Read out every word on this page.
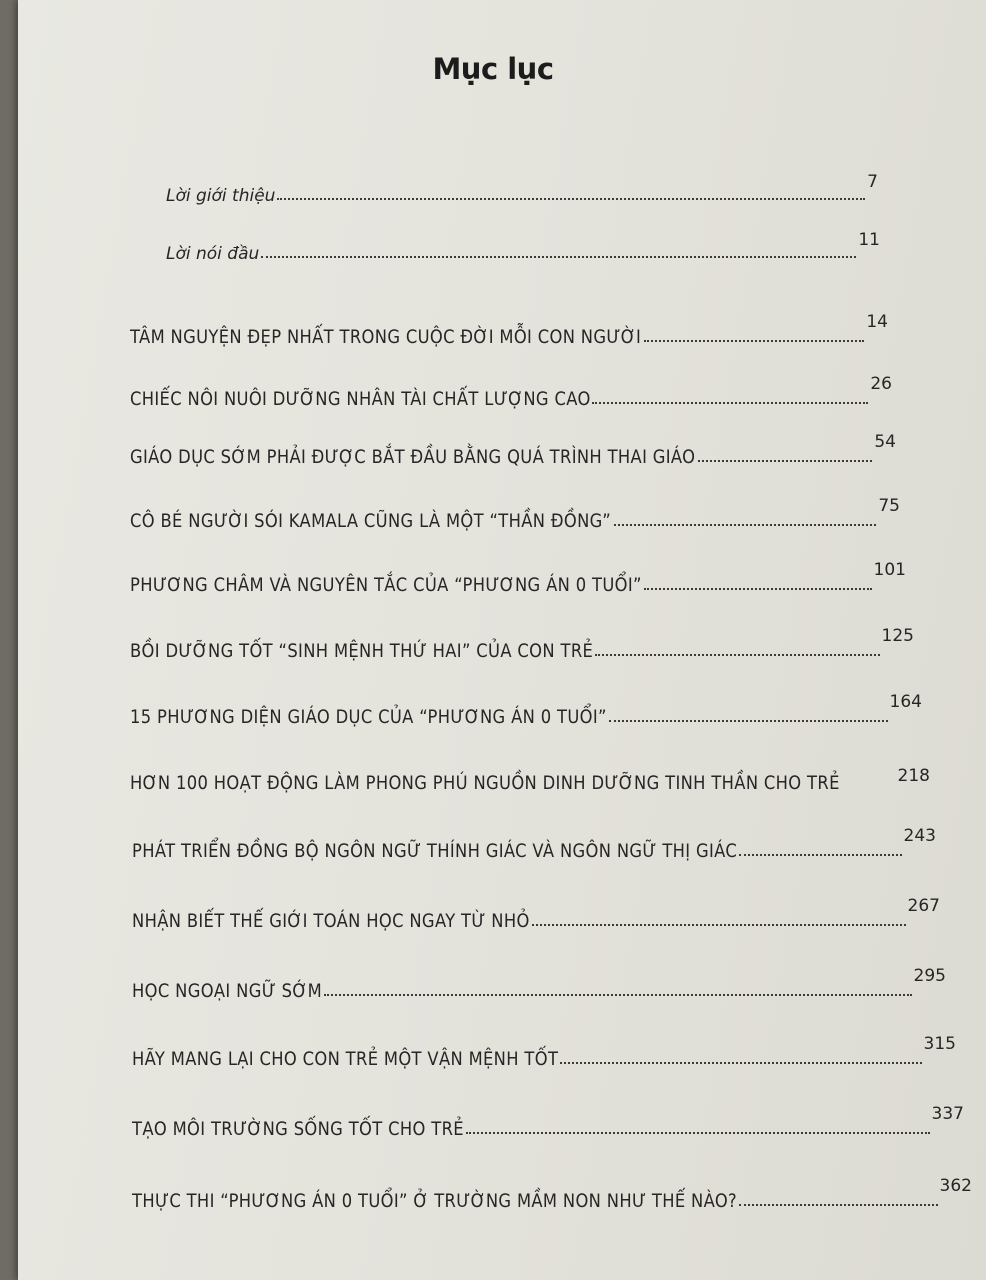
Mục lục
Lời giới thiệu
7
Lời nói đầu
11
TÂM NGUYỆN ĐẸP NHẤT TRONG CUỘC ĐỜI MỖI CON NGƯỜI
14
CHIẾC NÔI NUÔI DƯỠNG NHÂN TÀI CHẤT LƯỢNG CAO
26
GIÁO DỤC SỚM PHẢI ĐƯỢC BẮT ĐẦU BẰNG QUÁ TRÌNH THAI GIÁO
54
CÔ BÉ NGƯỜI SÓI KAMALA CŨNG LÀ MỘT “THẦN ĐỒNG”
75
PHƯƠNG CHÂM VÀ NGUYÊN TẮC CỦA “PHƯƠNG ÁN 0 TUỔI”
101
BỒI DƯỠNG TỐT “SINH MỆNH THỨ HAI” CỦA CON TRẺ
125
15 PHƯƠNG DIỆN GIÁO DỤC CỦA “PHƯƠNG ÁN 0 TUỔI”
164
HƠN 100 HOẠT ĐỘNG LÀM PHONG PHÚ NGUỒN DINH DƯỠNG TINH THẦN CHO TRẺ	218
PHÁT TRIỂN ĐỒNG BỘ NGÔN NGỮ THÍNH GIÁC VÀ NGÔN NGỮ THỊ GIÁC
243
NHẬN BIẾT THẾ GIỚI TOÁN HỌC NGAY TỪ NHỎ
267
HỌC NGOẠI NGỮ SỚM
295
HÃY MANG LẠI CHO CON TRẺ MỘT VẬN MỆNH TỐT
315
TẠO MÔI TRƯỜNG SỐNG TỐT CHO TRẺ
337
THỰC THI “PHƯƠNG ÁN 0 TUỔI” Ở TRƯỜNG MẦM NON NHƯ THẾ NÀO?
362
